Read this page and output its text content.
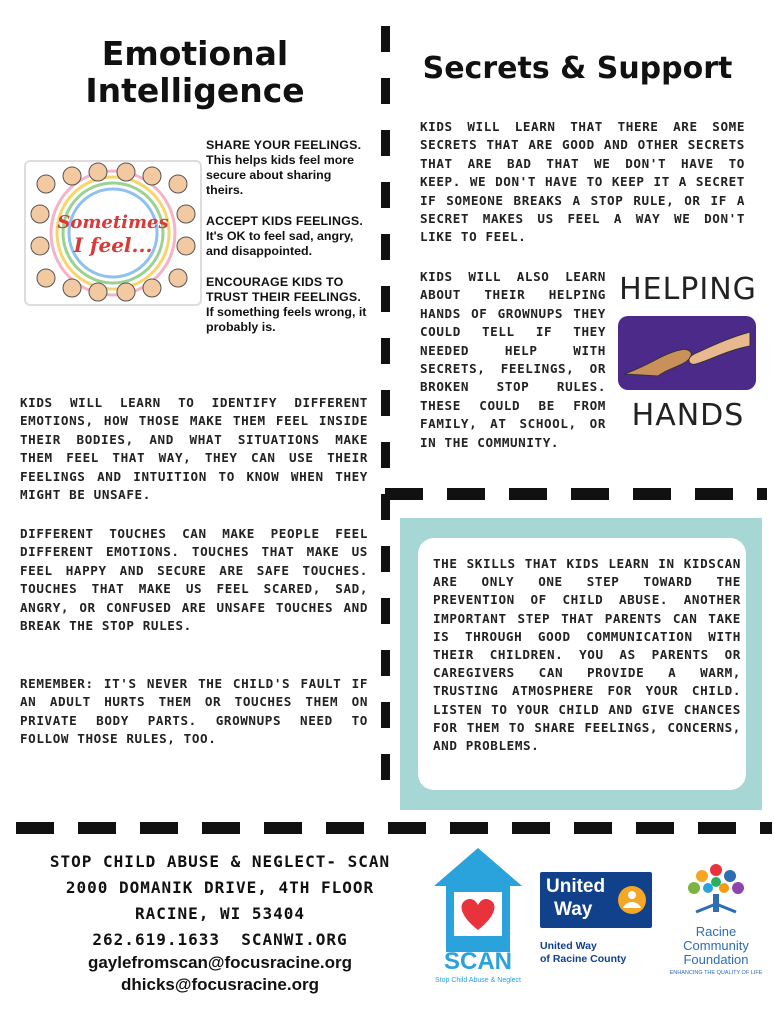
Emotional Intelligence
Sometimes
I feel...

SHARE YOUR FEELINGS.
This helps kids feel more secure about sharing theirs.

ACCEPT KIDS FEELINGS.
It's OK to feel sad, angry, and disappointed.

ENCOURAGE KIDS TO TRUST THEIR FEELINGS.
If something feels wrong, it probably is.

KIDS WILL LEARN TO IDENTIFY DIFFERENT EMOTIONS, HOW THOSE MAKE THEM FEEL INSIDE THEIR BODIES, AND WHAT SITUATIONS MAKE THEM FEEL THAT WAY, THEY CAN USE THEIR FEELINGS AND INTUITION TO KNOW WHEN THEY MIGHT BE UNSAFE.
DIFFERENT TOUCHES CAN MAKE PEOPLE FEEL DIFFERENT EMOTIONS. TOUCHES THAT MAKE US FEEL HAPPY AND SECURE ARE SAFE TOUCHES. TOUCHES THAT MAKE US FEEL SCARED, SAD, ANGRY, OR CONFUSED ARE UNSAFE TOUCHES AND BREAK THE STOP RULES.
REMEMBER: IT'S NEVER THE CHILD'S FAULT IF AN ADULT HURTS THEM OR TOUCHES THEM ON PRIVATE BODY PARTS. GROWNUPS NEED TO FOLLOW THOSE RULES, TOO.
Secrets & Support
KIDS WILL LEARN THAT THERE ARE SOME SECRETS THAT ARE GOOD AND OTHER SECRETS THAT ARE BAD THAT WE DON'T HAVE TO KEEP. WE DON'T HAVE TO KEEP IT A SECRET IF SOMEONE BREAKS A STOP RULE, OR IF A SECRET MAKES US FEEL A WAY WE DON'T LIKE TO FEEL.
KIDS WILL ALSO LEARN ABOUT THEIR HELPING HANDS OF GROWNUPS THEY COULD TELL IF THEY NEEDED HELP WITH SECRETS, FEELINGS, OR BROKEN STOP RULES. THESE COULD BE FROM FAMILY, AT SCHOOL, OR IN THE COMMUNITY.
HELPING
HANDS
THE SKILLS THAT KIDS LEARN IN KIDSCAN ARE ONLY ONE STEP TOWARD THE PREVENTION OF CHILD ABUSE. ANOTHER IMPORTANT STEP THAT PARENTS CAN TAKE IS THROUGH GOOD COMMUNICATION WITH THEIR CHILDREN. YOU AS PARENTS OR CAREGIVERS CAN PROVIDE A WARM, TRUSTING ATMOSPHERE FOR YOUR CHILD. LISTEN TO YOUR CHILD AND GIVE CHANCES FOR THEM TO SHARE FEELINGS, CONCERNS, AND PROBLEMS.
STOP CHILD ABUSE & NEGLECT- SCAN
2000 DOMANIK DRIVE, 4TH FLOOR
RACINE, WI 53404
262.619.1633  SCANWI.ORG
gaylefromscan@focusracine.org
dhicks@focusracine.org
SCAN
Stop Child Abuse & Neglect
United
Way
United Way
of Racine County
Racine
Community
Foundation
ENHANCING THE QUALITY OF LIFE
